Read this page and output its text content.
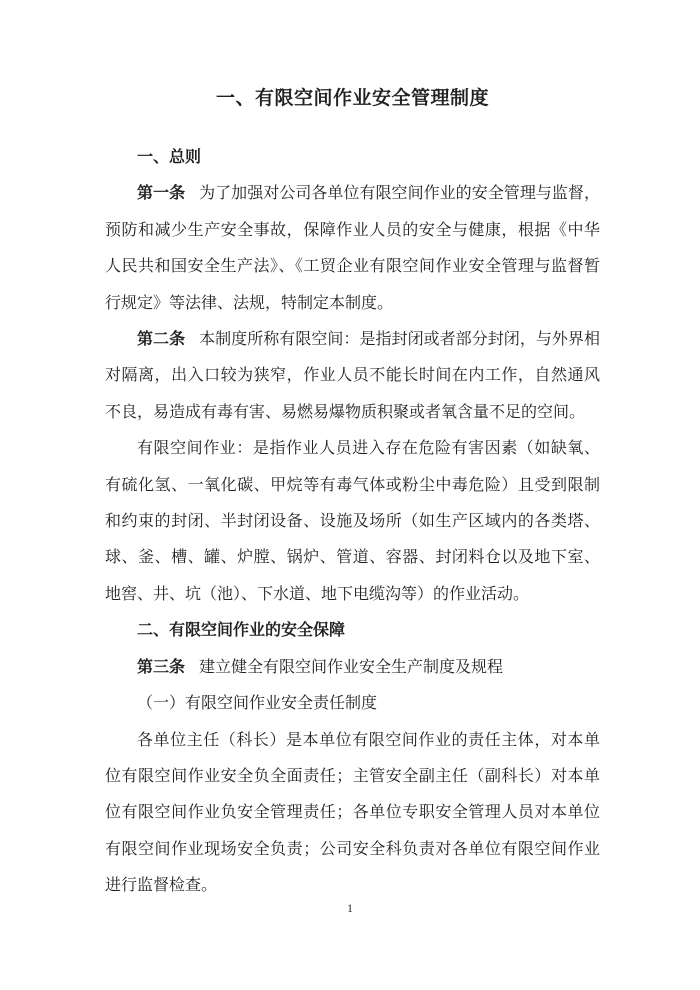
一、有限空间作业安全管理制度

一、总则

第一条 为了加强对公司各单位有限空间作业的安全管理与监督，预防和减少生产安全事故，保障作业人员的安全与健康，根据《中华人民共和国安全生产法》、《工贸企业有限空间作业安全管理与监督暂行规定》等法律、法规，特制定本制度。

第二条 本制度所称有限空间：是指封闭或者部分封闭，与外界相对隔离，出入口较为狭窄，作业人员不能长时间在内工作，自然通风不良，易造成有毒有害、易燃易爆物质积聚或者氧含量不足的空间。

有限空间作业：是指作业人员进入存在危险有害因素（如缺氧、有硫化氢、一氧化碳、甲烷等有毒气体或粉尘中毒危险）且受到限制和约束的封闭、半封闭设备、设施及场所（如生产区域内的各类塔、球、釜、槽、罐、炉膛、锅炉、管道、容器、封闭料仓以及地下室、地窖、井、坑（池）、下水道、地下电缆沟等）的作业活动。

二、有限空间作业的安全保障

第三条 建立健全有限空间作业安全生产制度及规程

（一）有限空间作业安全责任制度

各单位主任（科长）是本单位有限空间作业的责任主体，对本单位有限空间作业安全负全面责任；主管安全副主任（副科长）对本单位有限空间作业负安全管理责任；各单位专职安全管理人员对本单位有限空间作业现场安全负责；公司安全科负责对各单位有限空间作业进行监督检查。

1
